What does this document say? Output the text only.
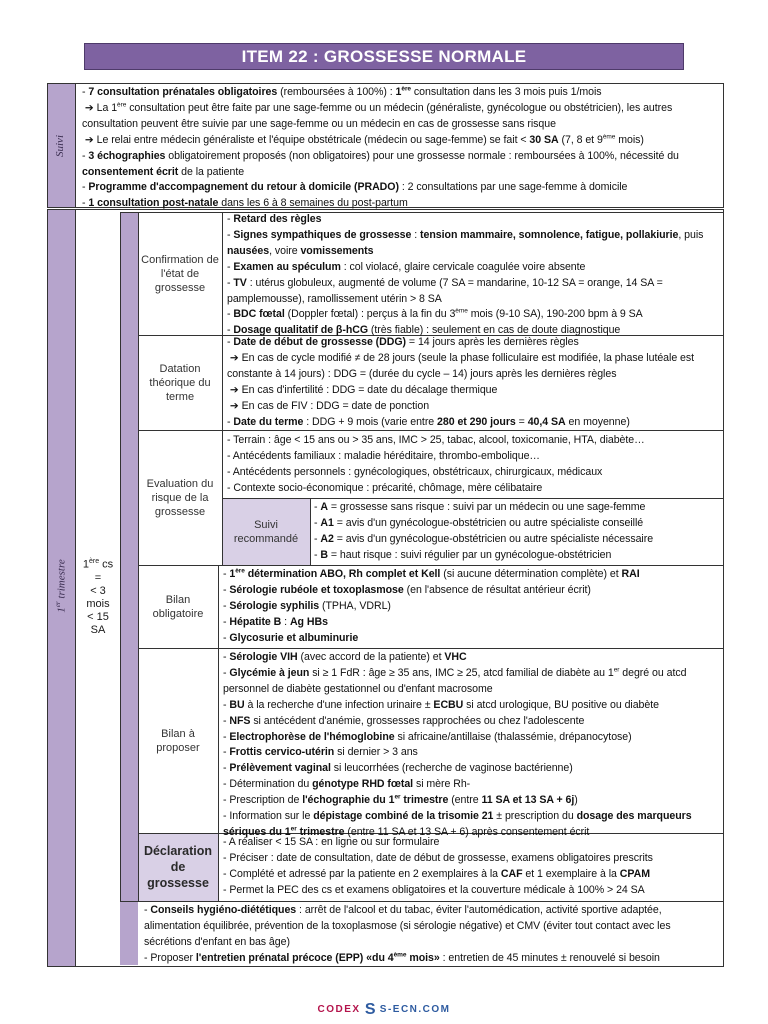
ITEM 22 : GROSSESSE NORMALE
Suivi
1er trimestre 1ère cs
=
< 3 mois
< 15 SA
Confirmation de l'état de grossesse
Datation théorique du terme
Evaluation du risque de la grossesse
Suivi recommandé
Bilan obligatoire
Bilan à proposer
Déclaration de grossesse
- 7 consultation prénatales obligatoires (remboursées à 100%) : 1ère consultation dans les 3 mois puis 1/mois
➔ La 1ère consultation peut être faite par une sage-femme ou un médecin (généraliste, gynécologue ou obstétricien), les autres consultation peuvent être suivie par une sage-femme ou un médecin en cas de grossesse sans risque
➔ Le relai entre médecin généraliste et l'équipe obstétricale (médecin ou sage-femme) se fait < 30 SA (7, 8 et 9ème mois)
- 3 échographies obligatoirement proposés (non obligatoires) pour une grossesse normale : remboursées à 100%, nécessité du consentement écrit de la patiente
- Programme d'accompagnement du retour à domicile (PRADO) : 2 consultations par une sage-femme à domicile
- 1 consultation post-natale dans les 6 à 8 semaines du post-partum
- Retard des règles
- Signes sympathiques de grossesse : tension mammaire, somnolence, fatigue, pollakiurie, puis nausées, voire vomissements
- Examen au spéculum : col violacé, glaire cervicale coagulée voire absente
- TV : utérus globuleux, augmenté de volume (7 SA = mandarine, 10-12 SA = orange, 14 SA = pamplemousse), ramollissement utérin > 8 SA
- BDC fœtal (Doppler fœtal) : perçus à la fin du 3ème mois (9-10 SA), 190-200 bpm à 9 SA
- Dosage qualitatif de β-hCG (très fiable) : seulement en cas de doute diagnostique
- Date de début de grossesse (DDG) = 14 jours après les dernières règles
➔ En cas de cycle modifié ≠ de 28 jours (seule la phase folliculaire est modifiée, la phase lutéale est constante à 14 jours) : DDG = (durée du cycle – 14) jours après les dernières règles
➔ En cas d'infertilité : DDG = date du décalage thermique
➔ En cas de FIV : DDG = date de ponction
- Date du terme : DDG + 9 mois (varie entre 280 et 290 jours = 40,4 SA en moyenne)
- Terrain : âge < 15 ans ou > 35 ans, IMC > 25, tabac, alcool, toxicomanie, HTA, diabète…
- Antécédents familiaux : maladie héréditaire, thrombo-embolique…
- Antécédents personnels : gynécologiques, obstétricaux, chirurgicaux, médicaux
- Contexte socio-économique : précarité, chômage, mère célibataire
- A = grossesse sans risque : suivi par un médecin ou une sage-femme
- A1 = avis d'un gynécologue-obstétricien ou autre spécialiste conseillé
- A2 = avis d'un gynécologue-obstétricien ou autre spécialiste nécessaire
- B = haut risque : suivi régulier par un gynécologue-obstétricien
- 1ère détermination ABO, Rh complet et Kell (si aucune détermination complète) et RAI
- Sérologie rubéole et toxoplasmose (en l'absence de résultat antérieur écrit)
- Sérologie syphilis (TPHA, VDRL)
- Hépatite B : Ag HBs
- Glycosurie et albuminurie
- Sérologie VIH (avec accord de la patiente) et VHC
- Glycémie à jeun si ≥ 1 FdR : âge ≥ 35 ans, IMC ≥ 25, atcd familial de diabète au 1er degré ou atcd personnel de diabète gestationnel ou d'enfant macrosome
- BU à la recherche d'une infection urinaire ± ECBU si atcd urologique, BU positive ou diabète
- NFS si antécédent d'anémie, grossesses rapprochées ou chez l'adolescente
- Electrophorèse de l'hémoglobine si africaine/antillaise (thalassémie, drépanocytose)
- Frottis cervico-utérin si dernier > 3 ans
- Prélèvement vaginal si leucorrhées (recherche de vaginose bactérienne)
- Détermination du génotype RHD fœtal si mère Rh-
- Prescription de l'échographie du 1er trimestre (entre 11 SA et 13 SA + 6j)
- Information sur le dépistage combiné de la trisomie 21 ± prescription du dosage des marqueurs sériques du 1er trimestre (entre 11 SA et 13 SA + 6) après consentement écrit
- A réaliser < 15 SA : en ligne ou sur formulaire
- Préciser : date de consultation, date de début de grossesse, examens obligatoires prescrits
- Complété et adressé par la patiente en 2 exemplaires à la CAF et 1 exemplaire à la CPAM
- Permet la PEC des cs et examens obligatoires et la couverture médicale à 100% > 24 SA
- Conseils hygiéno-diététiques : arrêt de l'alcool et du tabac, éviter l'automédication, activité sportive adaptée, alimentation équilibrée, prévention de la toxoplasmose (si sérologie négative) et CMV (éviter tout contact avec les sécrétions d'enfant en bas âge)
- Proposer l'entretien prénatal précoce (EPP) «du 4ème mois» : entretien de 45 minutes ± renouvelé si besoin
CODEX S S-ECN.COM
